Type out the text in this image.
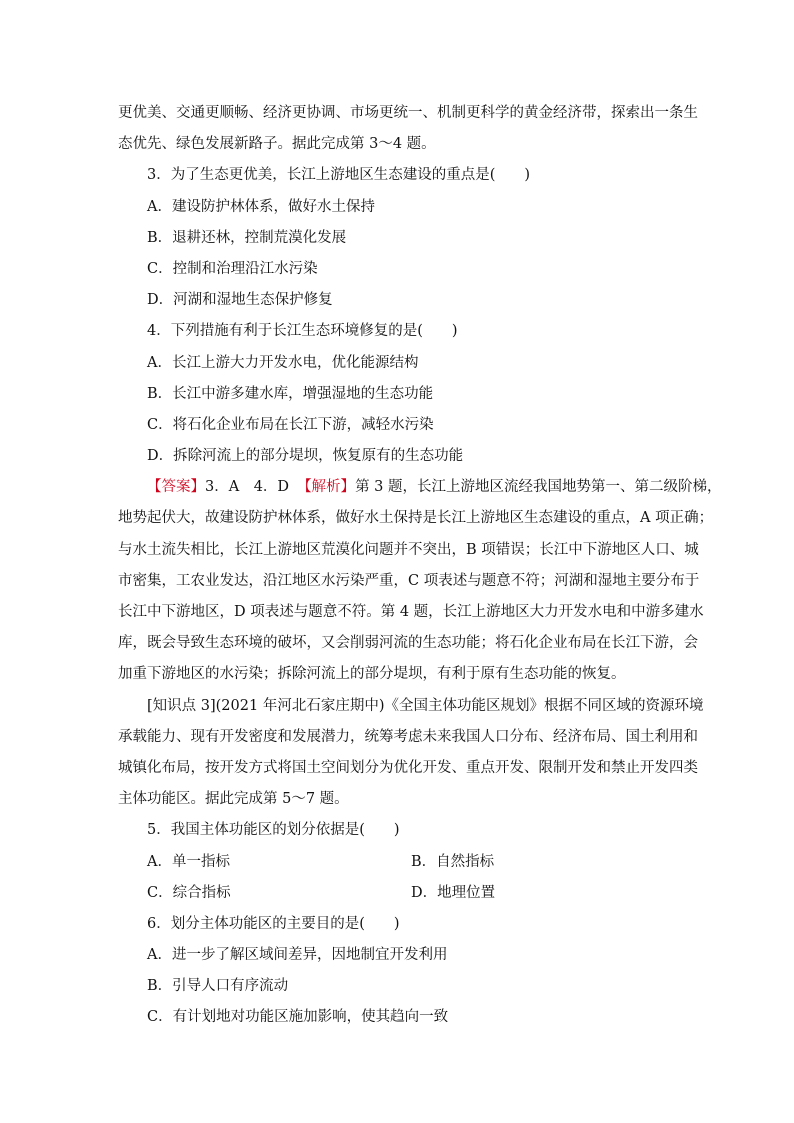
更优美、交通更顺畅、经济更协调、市场更统一、机制更科学的黄金经济带，探索出一条生
态优先、绿色发展新路子。据此完成第 3～4 题。
3．为了生态更优美，长江上游地区生态建设的重点是(　　)
A．建设防护林体系，做好水土保持
B．退耕还林，控制荒漠化发展
C．控制和治理沿江水污染
D．河湖和湿地生态保护修复
4．下列措施有利于长江生态环境修复的是(　　)
A．长江上游大力开发水电，优化能源结构
B．长江中游多建水库，增强湿地的生态功能
C．将石化企业布局在长江下游，减轻水污染
D．拆除河流上的部分堤坝，恢复原有的生态功能
【答案】3．A　4．D 【解析】第 3 题，长江上游地区流经我国地势第一、第二级阶梯，
地势起伏大，故建设防护林体系，做好水土保持是长江上游地区生态建设的重点，A 项正确；
与水土流失相比，长江上游地区荒漠化问题并不突出，B 项错误；长江中下游地区人口、城
市密集，工农业发达，沿江地区水污染严重，C 项表述与题意不符；河湖和湿地主要分布于
长江中下游地区，D 项表述与题意不符。第 4 题，长江上游地区大力开发水电和中游多建水
库，既会导致生态环境的破坏，又会削弱河流的生态功能；将石化企业布局在长江下游，会
加重下游地区的水污染；拆除河流上的部分堤坝，有利于原有生态功能的恢复。
[知识点 3](2021 年河北石家庄期中)《全国主体功能区规划》根据不同区域的资源环境
承载能力、现有开发密度和发展潜力，统筹考虑未来我国人口分布、经济布局、国土利用和
城镇化布局，按开发方式将国土空间划分为优化开发、重点开发、限制开发和禁止开发四类
主体功能区。据此完成第 5～7 题。
5．我国主体功能区的划分依据是(　　)
A．单一指标	B．自然指标
C．综合指标	D．地理位置
6．划分主体功能区的主要目的是(　　)
A．进一步了解区域间差异，因地制宜开发利用
B．引导人口有序流动
C．有计划地对功能区施加影响，使其趋向一致
